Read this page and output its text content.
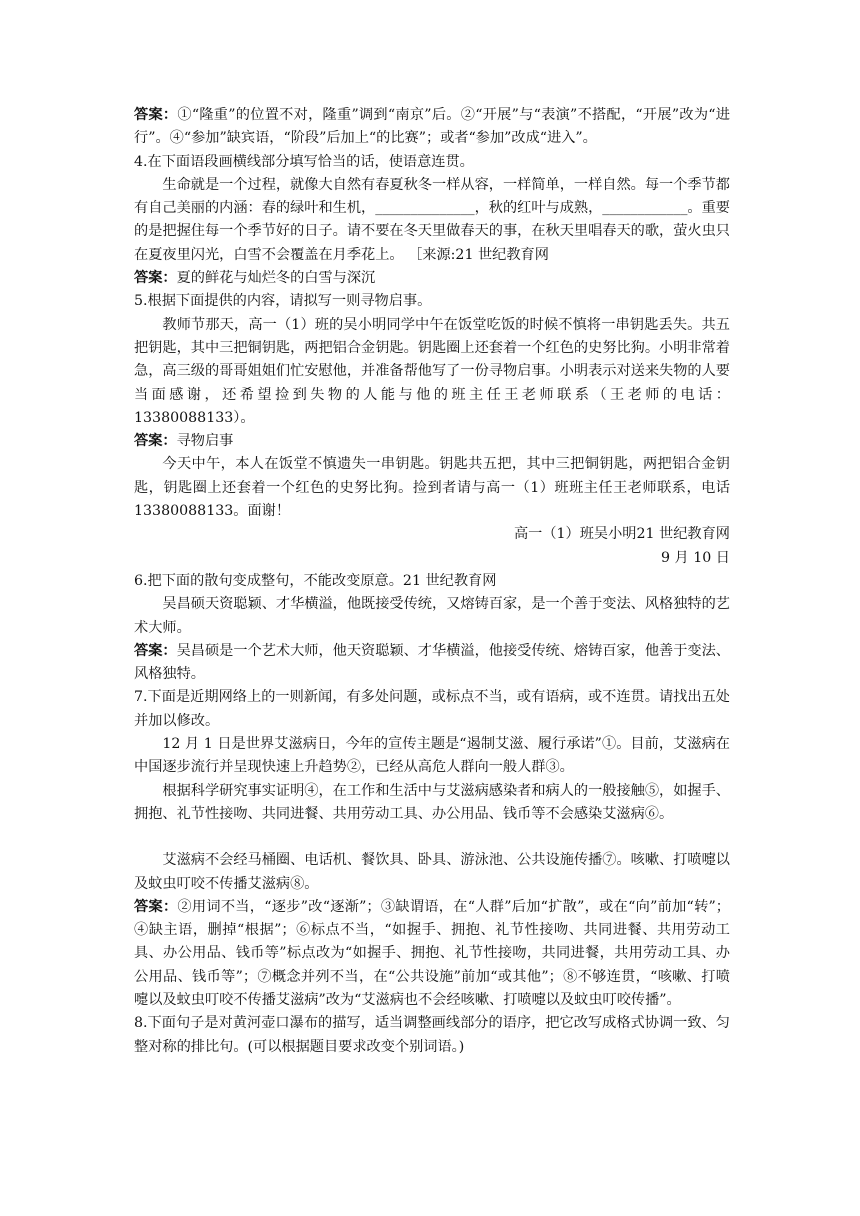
答案：①“隆重”的位置不对，隆重”调到“南京”后。②“开展”与“表演”不搭配，“开展”改为“进行”。④“参加”缺宾语，“阶段”后加上“的比赛”；或者“参加”改成“进入”。

4.在下面语段画横线部分填写恰当的话，使语意连贯。

生命就是一个过程，就像大自然有春夏秋冬一样从容，一样简单，一样自然。每一个季节都有自己美丽的内涵：春的绿叶和生机，______________，秋的红叶与成熟，____________。重要的是把握住每一个季节好的日子。请不要在冬天里做春天的事，在秋天里唱春天的歌，萤火虫只在夏夜里闪光，白雪不会覆盖在月季花上。 ［来源:21 世纪教育网

答案：夏的鲜花与灿烂冬的白雪与深沉

5.根据下面提供的内容，请拟写一则寻物启事。

教师节那天，高一（1）班的吴小明同学中午在饭堂吃饭的时候不慎将一串钥匙丢失。共五把钥匙，其中三把铜钥匙，两把铝合金钥匙。钥匙圈上还套着一个红色的史努比狗。小明非常着急，高三级的哥哥姐姐们忙安慰他，并准备帮他写了一份寻物启事。小明表示对送来失物的人要当面感谢，还希望捡到失物的人能与他的班主任王老师联系（王老师的电话：13380088133）。

答案：寻物启事

今天中午，本人在饭堂不慎遗失一串钥匙。钥匙共五把，其中三把铜钥匙，两把铝合金钥匙，钥匙圈上还套着一个红色的史努比狗。捡到者请与高一（1）班班主任王老师联系，电话 13380088133。面谢！

高一（1）班吴小明21 世纪教育网

9 月 10 日

6.把下面的散句变成整句，不能改变原意。21 世纪教育网

吴昌硕天资聪颖、才华横溢，他既接受传统，又熔铸百家，是一个善于变法、风格独特的艺术大师。

答案：吴昌硕是一个艺术大师，他天资聪颖、才华横溢，他接受传统、熔铸百家，他善于变法、风格独特。

7.下面是近期网络上的一则新闻，有多处问题，或标点不当，或有语病，或不连贯。请找出五处并加以修改。

12 月 1 日是世界艾滋病日，今年的宣传主题是“遏制艾滋、履行承诺”①。目前，艾滋病在中国逐步流行并呈现快速上升趋势②，已经从高危人群向一般人群③。

根据科学研究事实证明④，在工作和生活中与艾滋病感染者和病人的一般接触⑤，如握手、拥抱、礼节性接吻、共同进餐、共用劳动工具、办公用品、钱币等不会感染艾滋病⑥。

艾滋病不会经马桶圈、电话机、餐饮具、卧具、游泳池、公共设施传播⑦。咳嗽、打喷嚏以及蚊虫叮咬不传播艾滋病⑧。

答案：②用词不当，“逐步”改“逐渐”；③缺谓语，在“人群”后加“扩散”，或在“向”前加“转”；④缺主语，删掉“根据”；⑥标点不当，“如握手、拥抱、礼节性接吻、共同进餐、共用劳动工具、办公用品、钱币等”标点改为“如握手、拥抱、礼节性接吻，共同进餐，共用劳动工具、办公用品、钱币等”；⑦概念并列不当，在“公共设施”前加“或其他”；⑧不够连贯，“咳嗽、打喷嚏以及蚊虫叮咬不传播艾滋病”改为“艾滋病也不会经咳嗽、打喷嚏以及蚊虫叮咬传播”。

8.下面句子是对黄河壶口瀑布的描写，适当调整画线部分的语序，把它改写成格式协调一致、匀整对称的排比句。(可以根据题目要求改变个别词语。)
